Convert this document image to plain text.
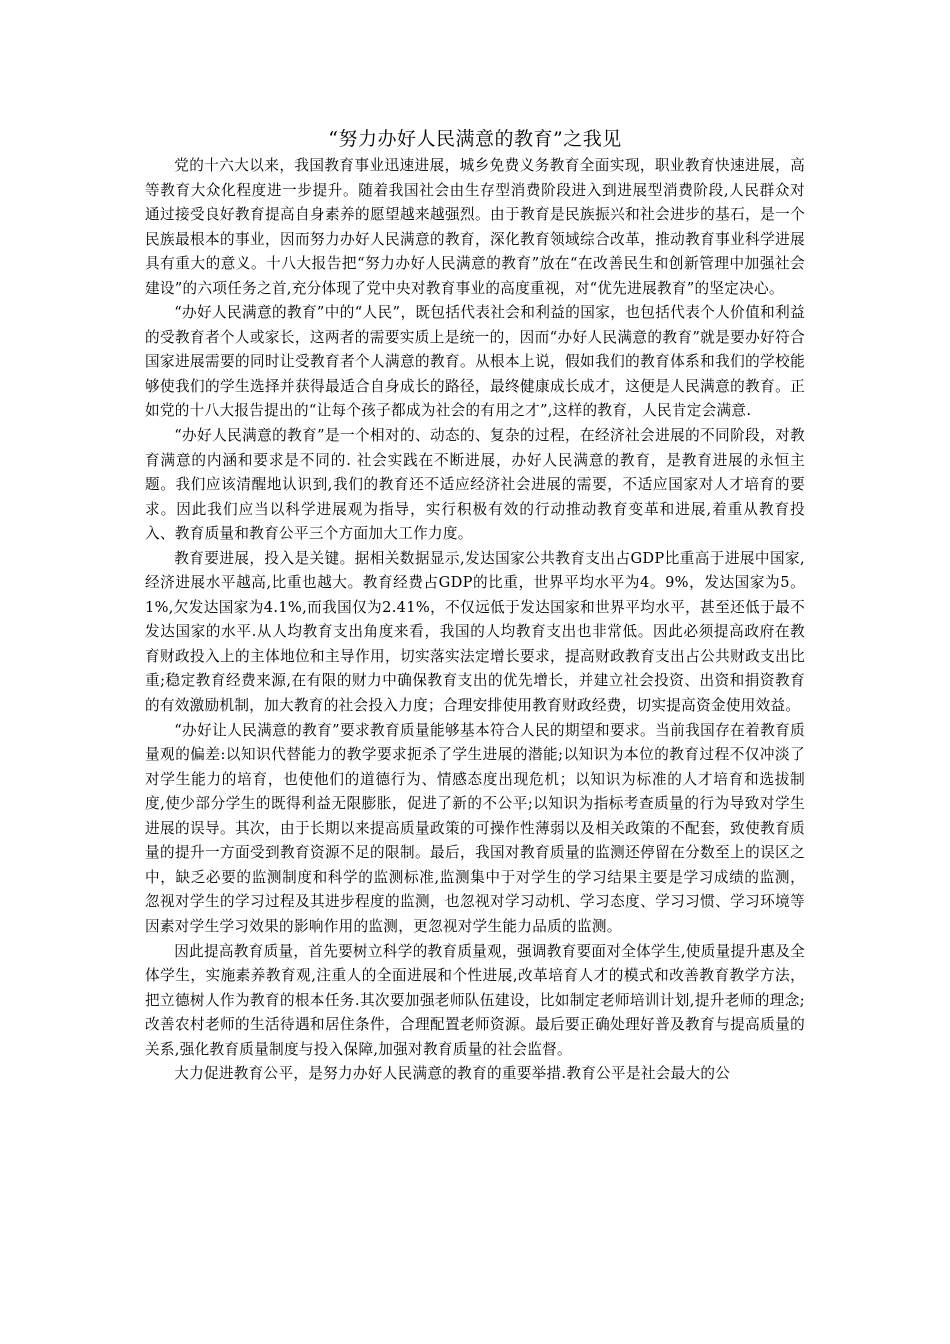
“努力办好人民满意的教育”之我见

党的十六大以来，我国教育事业迅速进展，城乡免费义务教育全面实现，职业教育快速进展，高等教育大众化程度进一步提升。随着我国社会由生存型消费阶段进入到进展型消费阶段,人民群众对通过接受良好教育提高自身素养的愿望越来越强烈。由于教育是民族振兴和社会进步的基石，是一个民族最根本的事业，因而努力办好人民满意的教育，深化教育领域综合改革，推动教育事业科学进展具有重大的意义。十八大报告把“努力办好人民满意的教育”放在“在改善民生和创新管理中加强社会建设”的六项任务之首,充分体现了党中央对教育事业的高度重视，对“优先进展教育”的坚定决心。

“办好人民满意的教育”中的“人民”，既包括代表社会和利益的国家，也包括代表个人价值和利益的受教育者个人或家长，这两者的需要实质上是统一的，因而“办好人民满意的教育”就是要办好符合国家进展需要的同时让受教育者个人满意的教育。从根本上说，假如我们的教育体系和我们的学校能够使我们的学生选择并获得最适合自身成长的路径，最终健康成长成才，这便是人民满意的教育。正如党的十八大报告提出的“让每个孩子都成为社会的有用之才”,这样的教育，人民肯定会满意.

“办好人民满意的教育”是一个相对的、动态的、复杂的过程，在经济社会进展的不同阶段，对教育满意的内涵和要求是不同的. 社会实践在不断进展，办好人民满意的教育，是教育进展的永恒主题。我们应该清醒地认识到,我们的教育还不适应经济社会进展的需要，不适应国家对人才培育的要求。因此我们应当以科学进展观为指导，实行积极有效的行动推动教育变革和进展,着重从教育投入、教育质量和教育公平三个方面加大工作力度。

教育要进展，投入是关键。据相关数据显示,发达国家公共教育支出占GDP比重高于进展中国家,经济进展水平越高,比重也越大。教育经费占GDP的比重，世界平均水平为4。9%，发达国家为5。1%,欠发达国家为4.1%,而我国仅为2.41%，不仅远低于发达国家和世界平均水平，甚至还低于最不发达国家的水平.从人均教育支出角度来看，我国的人均教育支出也非常低。因此必须提高政府在教育财政投入上的主体地位和主导作用，切实落实法定增长要求，提高财政教育支出占公共财政支出比重;稳定教育经费来源,在有限的财力中确保教育支出的优先增长，并建立社会投资、出资和捐资教育的有效激励机制，加大教育的社会投入力度；合理安排使用教育财政经费，切实提高资金使用效益。

“办好让人民满意的教育”要求教育质量能够基本符合人民的期望和要求。当前我国存在着教育质量观的偏差:以知识代替能力的教学要求扼杀了学生进展的潜能;以知识为本位的教育过程不仅冲淡了对学生能力的培育，也使他们的道德行为、情感态度出现危机；以知识为标准的人才培育和选拔制度,使少部分学生的既得利益无限膨胀，促进了新的不公平;以知识为指标考查质量的行为导致对学生进展的误导。其次，由于长期以来提高质量政策的可操作性薄弱以及相关政策的不配套，致使教育质量的提升一方面受到教育资源不足的限制。最后，我国对教育质量的监测还停留在分数至上的误区之中，缺乏必要的监测制度和科学的监测标准,监测集中于对学生的学习结果主要是学习成绩的监测，忽视对学生的学习过程及其进步程度的监测，也忽视对学习动机、学习态度、学习习惯、学习环境等因素对学生学习效果的影响作用的监测，更忽视对学生能力品质的监测。

因此提高教育质量，首先要树立科学的教育质量观，强调教育要面对全体学生,使质量提升惠及全体学生，实施素养教育观,注重人的全面进展和个性进展,改革培育人才的模式和改善教育教学方法，把立德树人作为教育的根本任务.其次要加强老师队伍建设，比如制定老师培训计划,提升老师的理念;改善农村老师的生活待遇和居住条件，合理配置老师资源。最后要正确处理好普及教育与提高质量的关系,强化教育质量制度与投入保障,加强对教育质量的社会监督。

大力促进教育公平，是努力办好人民满意的教育的重要举措.教育公平是社会最大的公
